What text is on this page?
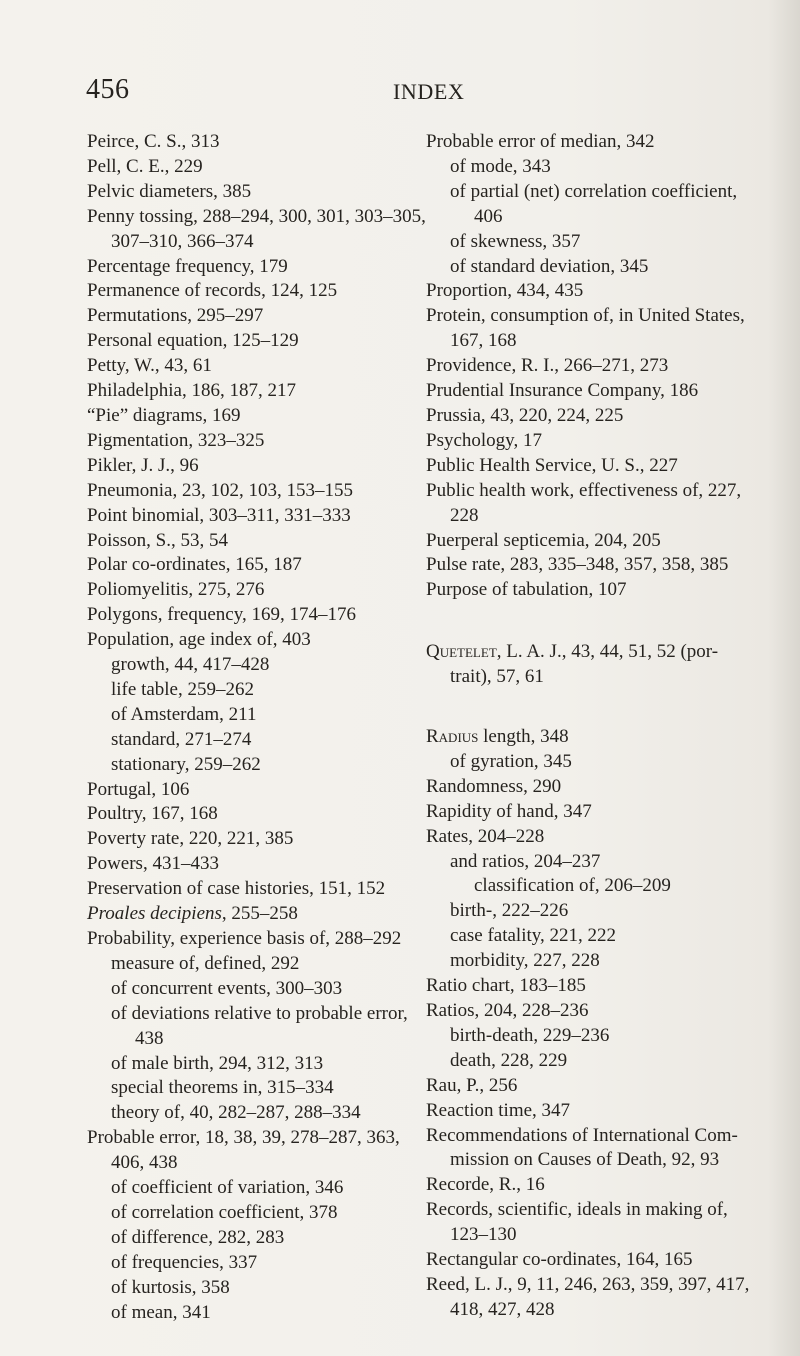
456	INDEX

Peirce, C. S., 313

Pell, C. E., 229

Pelvic diameters, 385

Penny tossing, 288–294, 300, 301, 303–305,
307–310, 366–374

Percentage frequency, 179

Permanence of records, 124, 125

Permutations, 295–297

Personal equation, 125–129

Petty, W., 43, 61

Philadelphia, 186, 187, 217

“Pie” diagrams, 169

Pigmentation, 323–325

Pikler, J. J., 96

Pneumonia, 23, 102, 103, 153–155

Point binomial, 303–311, 331–333

Poisson, S., 53, 54

Polar co-ordinates, 165, 187

Poliomyelitis, 275, 276

Polygons, frequency, 169, 174–176

Population, age index of, 403

growth, 44, 417–428

life table, 259–262

of Amsterdam, 211

standard, 271–274

stationary, 259–262

Portugal, 106

Poultry, 167, 168

Poverty rate, 220, 221, 385

Powers, 431–433

Preservation of case histories, 151, 152

Proales decipiens, 255–258

Probability, experience basis of, 288–292

measure of, defined, 292

of concurrent events, 300–303

of deviations relative to probable error,
438

of male birth, 294, 312, 313

special theorems in, 315–334

theory of, 40, 282–287, 288–334

Probable error, 18, 38, 39, 278–287, 363,
406, 438

of coefficient of variation, 346

of correlation coefficient, 378

of difference, 282, 283

of frequencies, 337

of kurtosis, 358

of mean, 341

Probable error of median, 342

of mode, 343

of partial (net) correlation coefficient,
406

of skewness, 357

of standard deviation, 345

Proportion, 434, 435

Protein, consumption of, in United States,
167, 168

Providence, R. I., 266–271, 273

Prudential Insurance Company, 186

Prussia, 43, 220, 224, 225

Psychology, 17

Public Health Service, U. S., 227

Public health work, effectiveness of, 227,
228

Puerperal septicemia, 204, 205

Pulse rate, 283, 335–348, 357, 358, 385

Purpose of tabulation, 107

Quetelet, L. A. J., 43, 44, 51, 52 (por-
trait), 57, 61

Radius length, 348

of gyration, 345

Randomness, 290

Rapidity of hand, 347

Rates, 204–228

and ratios, 204–237

classification of, 206–209

birth-, 222–226

case fatality, 221, 222

morbidity, 227, 228

Ratio chart, 183–185

Ratios, 204, 228–236

birth-death, 229–236

death, 228, 229

Rau, P., 256

Reaction time, 347

Recommendations of International Com-
mission on Causes of Death, 92, 93

Recorde, R., 16

Records, scientific, ideals in making of,
123–130

Rectangular co-ordinates, 164, 165

Reed, L. J., 9, 11, 246, 263, 359, 397, 417,
418, 427, 428
